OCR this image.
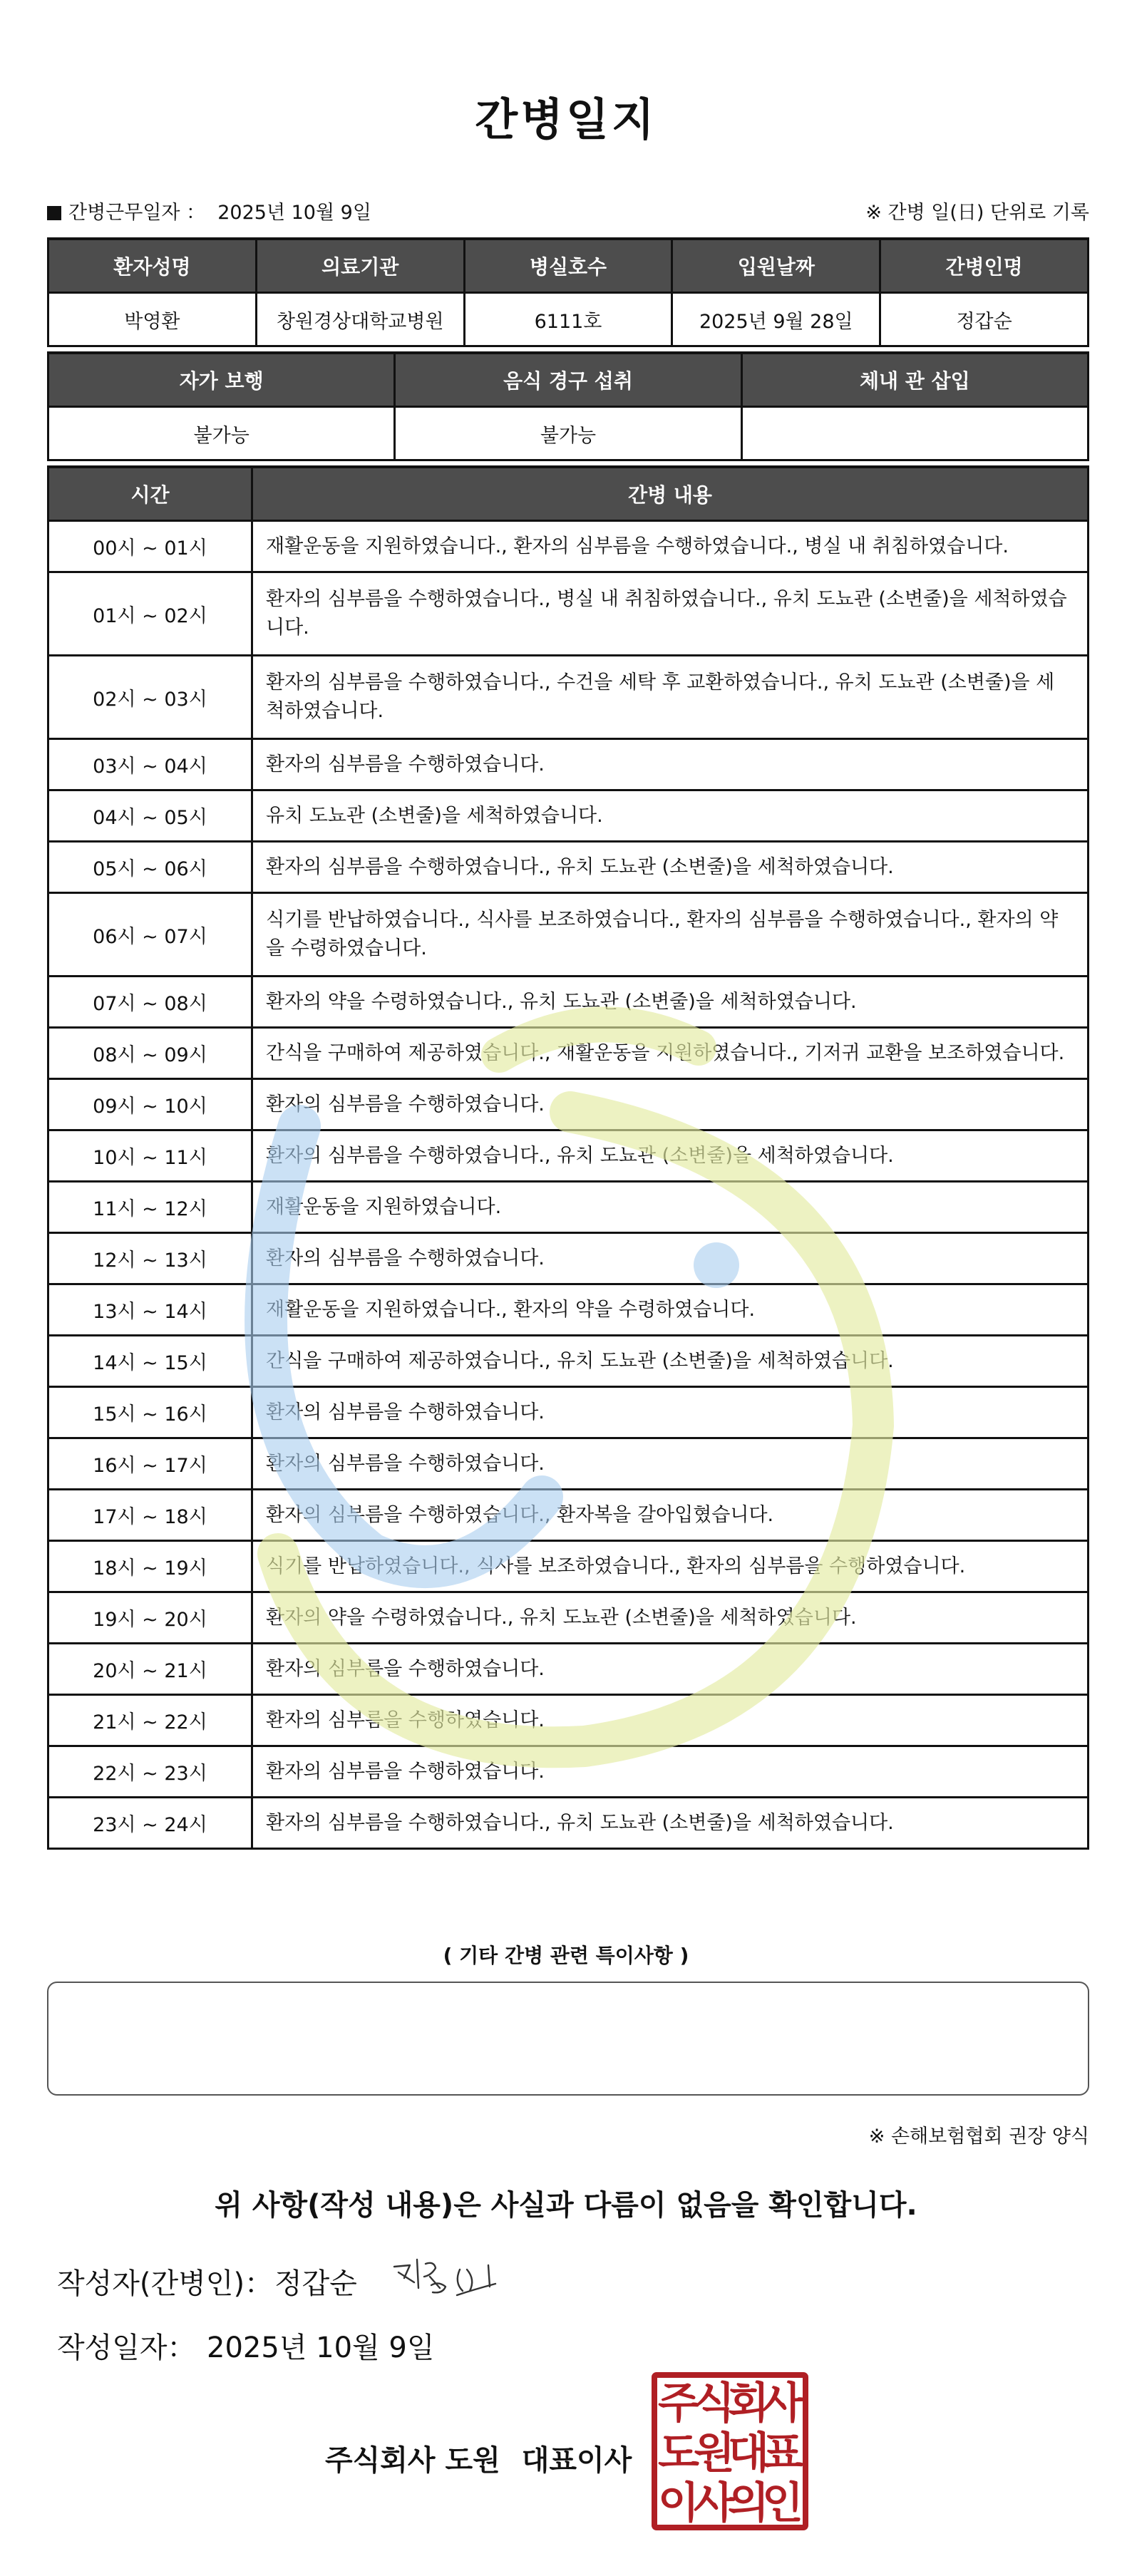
간병일지
간병근무일자 ： 2025년 10월 9일	※ 간병 일(日) 단위로 기록
환자성명	의료기관	병실호수	입원날짜	간병인명
박영환	창원경상대학교병원	6111호	2025년 9월 28일	정갑순
자가 보행	음식 경구 섭취	체내 관 삽입
불가능	불가능	
시간	간병 내용
00시 ~ 01시	재활운동을 지원하였습니다., 환자의 심부름을 수행하였습니다., 병실 내 취침하였습니다.
01시 ~ 02시	환자의 심부름을 수행하였습니다., 병실 내 취침하였습니다., 유치 도뇨관 (소변줄)을 세척하였습니다.
02시 ~ 03시	환자의 심부름을 수행하였습니다., 수건을 세탁 후 교환하였습니다., 유치 도뇨관 (소변줄)을 세척하였습니다.
03시 ~ 04시	환자의 심부름을 수행하였습니다.
04시 ~ 05시	유치 도뇨관 (소변줄)을 세척하였습니다.
05시 ~ 06시	환자의 심부름을 수행하였습니다., 유치 도뇨관 (소변줄)을 세척하였습니다.
06시 ~ 07시	식기를 반납하였습니다., 식사를 보조하였습니다., 환자의 심부름을 수행하였습니다., 환자의 약을 수령하였습니다.
07시 ~ 08시	환자의 약을 수령하였습니다., 유치 도뇨관 (소변줄)을 세척하였습니다.
08시 ~ 09시	간식을 구매하여 제공하였습니다., 재활운동을 지원하였습니다., 기저귀 교환을 보조하였습니다.
09시 ~ 10시	환자의 심부름을 수행하였습니다.
10시 ~ 11시	환자의 심부름을 수행하였습니다., 유치 도뇨관 (소변줄)을 세척하였습니다.
11시 ~ 12시	재활운동을 지원하였습니다.
12시 ~ 13시	환자의 심부름을 수행하였습니다.
13시 ~ 14시	재활운동을 지원하였습니다., 환자의 약을 수령하였습니다.
14시 ~ 15시	간식을 구매하여 제공하였습니다., 유치 도뇨관 (소변줄)을 세척하였습니다.
15시 ~ 16시	환자의 심부름을 수행하였습니다.
16시 ~ 17시	환자의 심부름을 수행하였습니다.
17시 ~ 18시	환자의 심부름을 수행하였습니다., 환자복을 갈아입혔습니다.
18시 ~ 19시	식기를 반납하였습니다., 식사를 보조하였습니다., 환자의 심부름을 수행하였습니다.
19시 ~ 20시	환자의 약을 수령하였습니다., 유치 도뇨관 (소변줄)을 세척하였습니다.
20시 ~ 21시	환자의 심부름을 수행하였습니다.
21시 ~ 22시	환자의 심부름을 수행하였습니다.
22시 ~ 23시	환자의 심부름을 수행하였습니다.
23시 ~ 24시	환자의 심부름을 수행하였습니다., 유치 도뇨관 (소변줄)을 세척하였습니다.
( 기타 간병 관련 특이사항 )
※ 손해보험협회 권장 양식
위 사항(작성 내용)은 사실과 다름이 없음을 확인합니다.
작성자(간병인)：정갑순
작성일자： 2025년 10월 9일
주식회사 도원 대표이사
주
식
회
사
도
원
대
표
이
사
의
인
